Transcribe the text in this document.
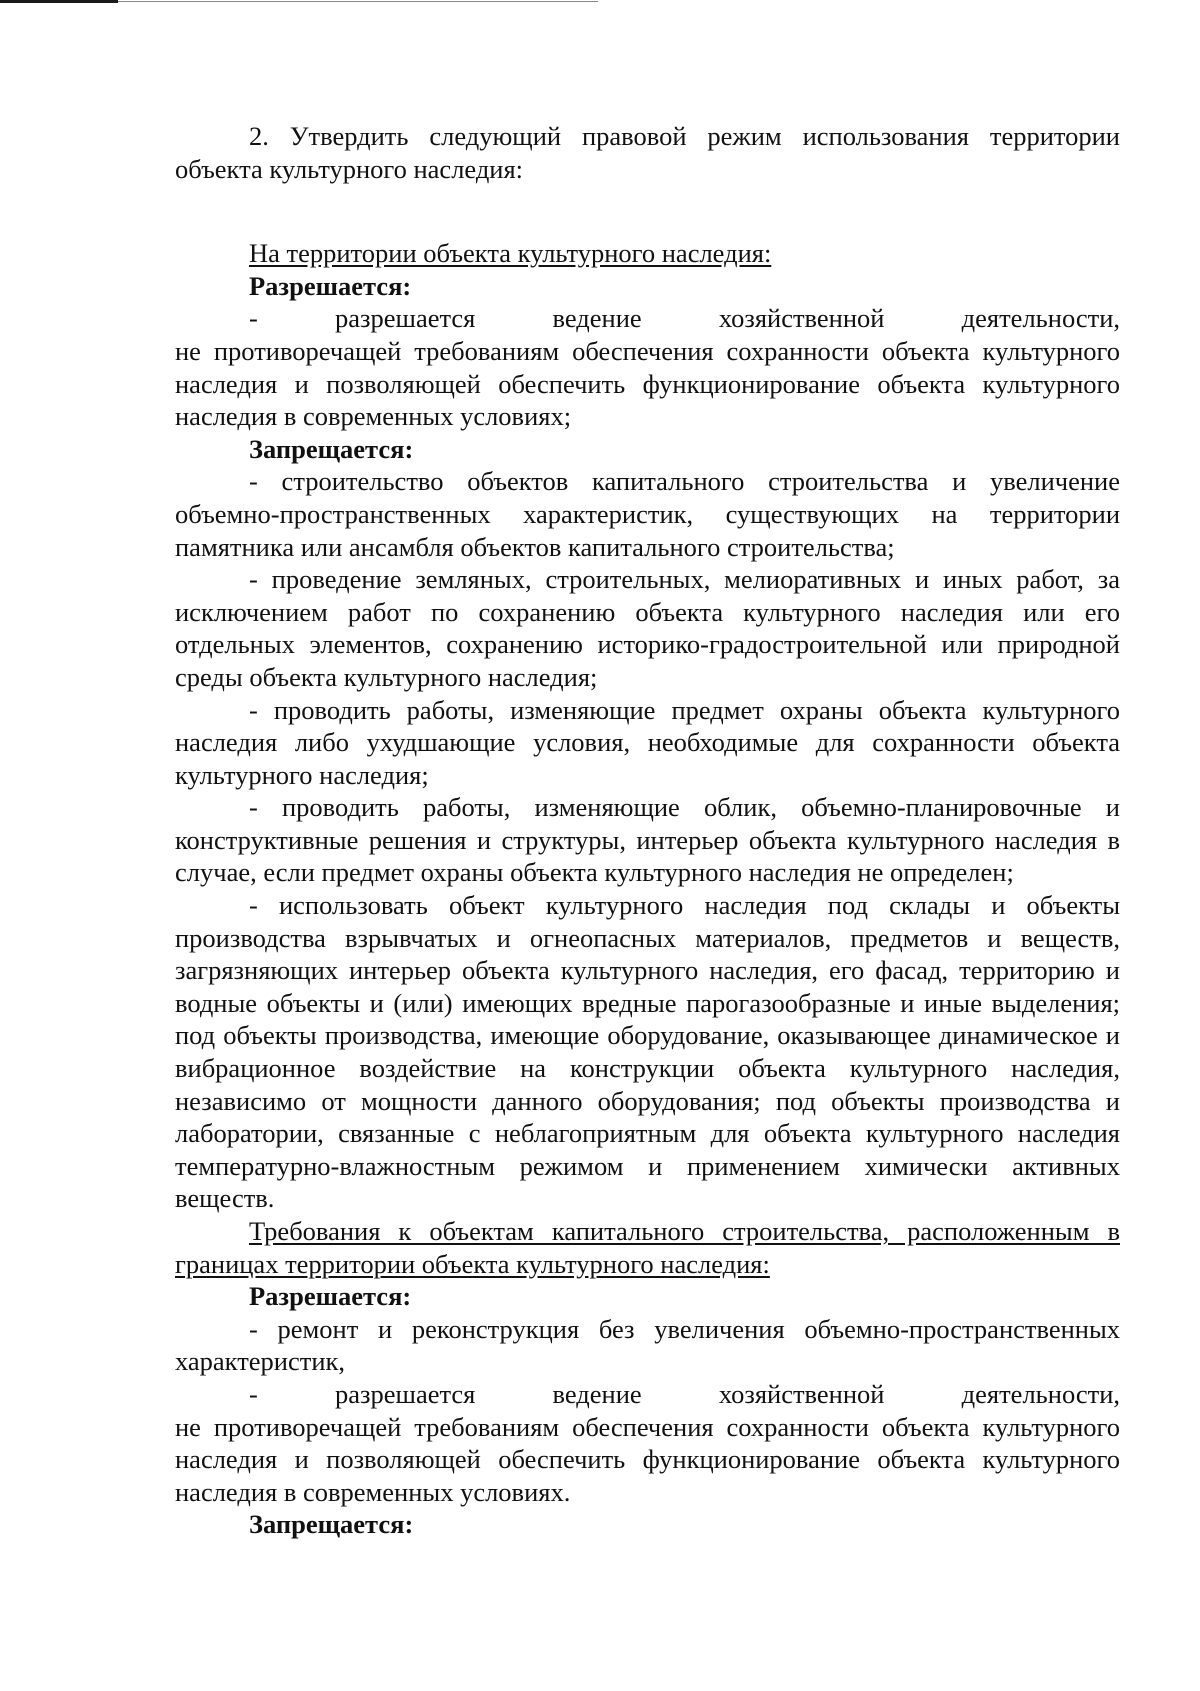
2. Утвердить следующий правовой режим использования территории объекта культурного наследия:

На территории объекта культурного наследия:

Разрешается:

-	разрешается ведение хозяйственной деятельности,

не противоречащей требованиям обеспечения сохранности объекта культурного наследия и позволяющей обеспечить функционирование объекта культурного наследия в современных условиях;

Запрещается:

- строительство объектов капитального строительства и увеличение объемно-пространственных характеристик, существующих на территории памятника или ансамбля объектов капитального строительства;

- проведение земляных, строительных, мелиоративных и иных работ, за исключением работ по сохранению объекта культурного наследия или его отдельных элементов, сохранению историко-градостроительной или природной среды объекта культурного наследия;

- проводить работы, изменяющие предмет охраны объекта культурного наследия либо ухудшающие условия, необходимые для сохранности объекта культурного наследия;

- проводить работы, изменяющие облик, объемно-планировочные и конструктивные решения и структуры, интерьер объекта культурного наследия в случае, если предмет охраны объекта культурного наследия не определен;

- использовать объект культурного наследия под склады и объекты производства взрывчатых и огнеопасных материалов, предметов и веществ, загрязняющих интерьер объекта культурного наследия, его фасад, территорию и водные объекты и (или) имеющих вредные парогазообразные и иные выделения; под объекты производства, имеющие оборудование, оказывающее динамическое и вибрационное воздействие на конструкции объекта культурного наследия, независимо от мощности данного оборудования; под объекты производства и лаборатории, связанные с неблагоприятным для объекта культурного наследия температурно-влажностным режимом и применением химически активных веществ.

Требования к объектам капитального строительства, расположенным в границах территории объекта культурного наследия:

Разрешается:

- ремонт и реконструкция без увеличения объемно-пространственных характеристик,

-	разрешается ведение хозяйственной деятельности,

не противоречащей требованиям обеспечения сохранности объекта культурного наследия и позволяющей обеспечить функционирование объекта культурного наследия в современных условиях.

Запрещается:
